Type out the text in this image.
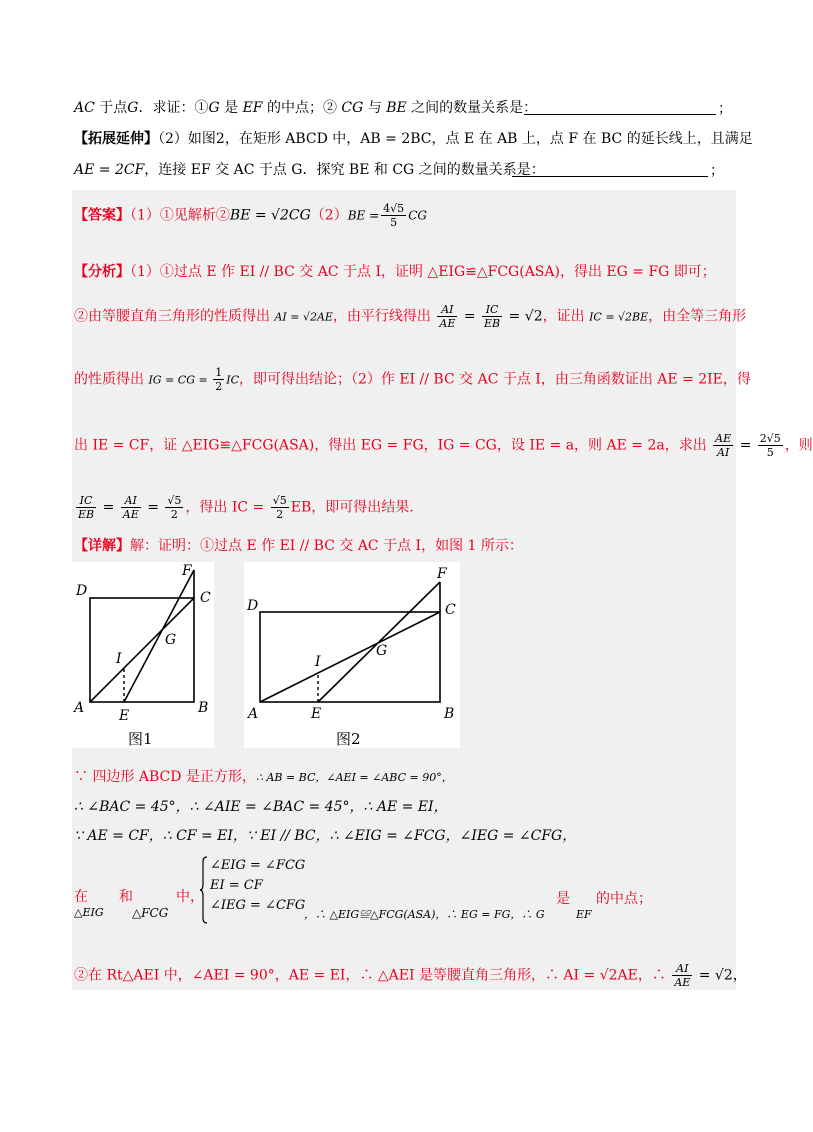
AC 于点G．求证：①G 是 EF 的中点；② CG 与 BE 之间的数量关系是：	；
【拓展延伸】（2）如图2，在矩形 ABCD 中，AB = 2BC，点 E 在 AB 上，点 F 在 BC 的延长线上，且满足
AE = 2CF，连接 EF 交 AC 于点 G．探究 BE 和 CG 之间的数量关系是：	；
【答案】（1）①见解析②BE = $√2CG(2)BE = \frac{4√5}{5}$ CG
【分析】（1）①过点 E 作 EI // BC 交 AC 于点 I，证明 △EIG≌△FCG(ASA)，得出 EG = FG 即可；
②由等腰直角三角形的性质得出 AI = √2AE，由平行线得出 $\frac{AI}{AE} = \frac{IC}{EB} = √2$，证出 IC = √2BE，由全等三角形
的性质得出 IG = CG = $\frac{1}{2}$ IC，即可得出结论；（2）作 EI // BC 交 AC 于点 I，由三角函数证出 AE = 2IE，得
出 IE = CF，证 △EIG≌△FCG(ASA)，得出 EG = FG，IG = CG，设 IE = a，则 AE = 2a，求出 $\frac{AE}{AI} = \frac{2√5}{5}$ ，则
$\frac{IC}{EB} = \frac{AI}{AE} = \frac{√5}{2}$ ，得出 IC = $\frac{√5}{2}$ EB，即可得出结果.
【详解】解：证明：①过点 E 作 EI // BC 交 AC 于点 I，如图 1 所示：
D	C
F
G
I
A E	B
图1
D	C
F
G
I
A	E	B
图2
∵ 四边形 ABCD 是正方形，∴ AB = BC，∠AEI = ∠ABC = 90°，
∴ ∠BAC = 45°，∴ ∠AIE = ∠BAC = 45°，∴ AE = EI，
∵ AE = CF，∴ CF = EI，∵ EI // BC，∴ ∠EIG = ∠FCG，∠IEG = ∠CFG，
在 和	中，
△EIG △FCG
∠EIG = ∠FCG
EI = CF
∠IEG = ∠CFG
，∴ △EIG≌△FCG(ASA)，∴ EG = FG，∴ G
是 的中点；
EF
②在 Rt△AEI 中，∠AEI = 90°，AE = EI，∴ △AEI 是等腰直角三角形，∴ AI = √2AE，∴ $\frac{AI}{AE} = √2$，
